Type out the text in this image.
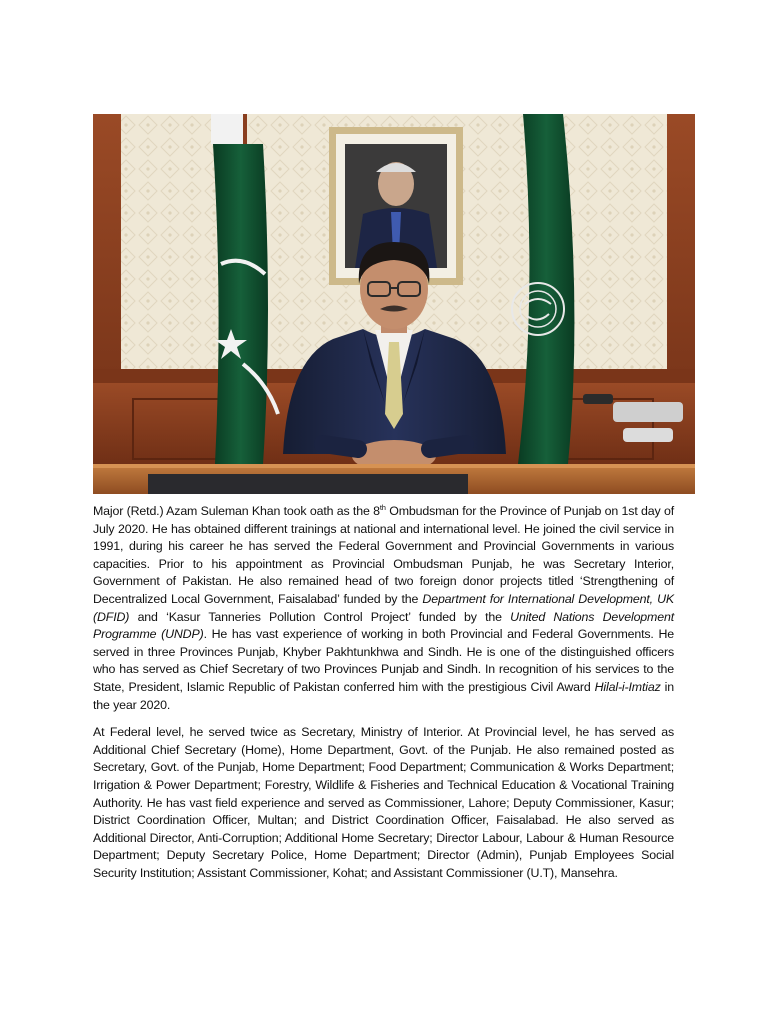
Major (Retd.) Azam Suleman Khan took oath as the 8th Ombudsman for the Province of Punjab on 1st day of July 2020. He has obtained different trainings at national and international level. He joined the civil service in 1991, during his career he has served the Federal Government and Provincial Governments in various capacities. Prior to his appointment as Provincial Ombudsman Punjab, he was Secretary Interior, Government of Pakistan. He also remained head of two foreign donor projects titled ‘Strengthening of Decentralized Local Government, Faisalabad’ funded by the Department for International Development, UK (DFID) and ‘Kasur Tanneries Pollution Control Project’ funded by the United Nations Development Programme (UNDP). He has vast experience of working in both Provincial and Federal Governments. He served in three Provinces Punjab, Khyber Pakhtunkhwa and Sindh. He is one of the distinguished officers who has served as Chief Secretary of two Provinces Punjab and Sindh. In recognition of his services to the State, President, Islamic Republic of Pakistan conferred him with the prestigious Civil Award Hilal-i-Imtiaz in the year 2020.

At Federal level, he served twice as Secretary, Ministry of Interior. At Provincial level, he has served as Additional Chief Secretary (Home), Home Department, Govt. of the Punjab. He also remained posted as Secretary, Govt. of the Punjab, Home Department; Food Department; Communication & Works Department; Irrigation & Power Department; Forestry, Wildlife & Fisheries and Technical Education & Vocational Training Authority. He has vast field experience and served as Commissioner, Lahore; Deputy Commissioner, Kasur; District Coordination Officer, Multan; and District Coordination Officer, Faisalabad. He also served as Additional Director, Anti-Corruption; Additional Home Secretary; Director Labour, Labour & Human Resource Department; Deputy Secretary Police, Home Department; Director (Admin), Punjab Employees Social Security Institution; Assistant Commissioner, Kohat; and Assistant Commissioner (U.T), Mansehra.
